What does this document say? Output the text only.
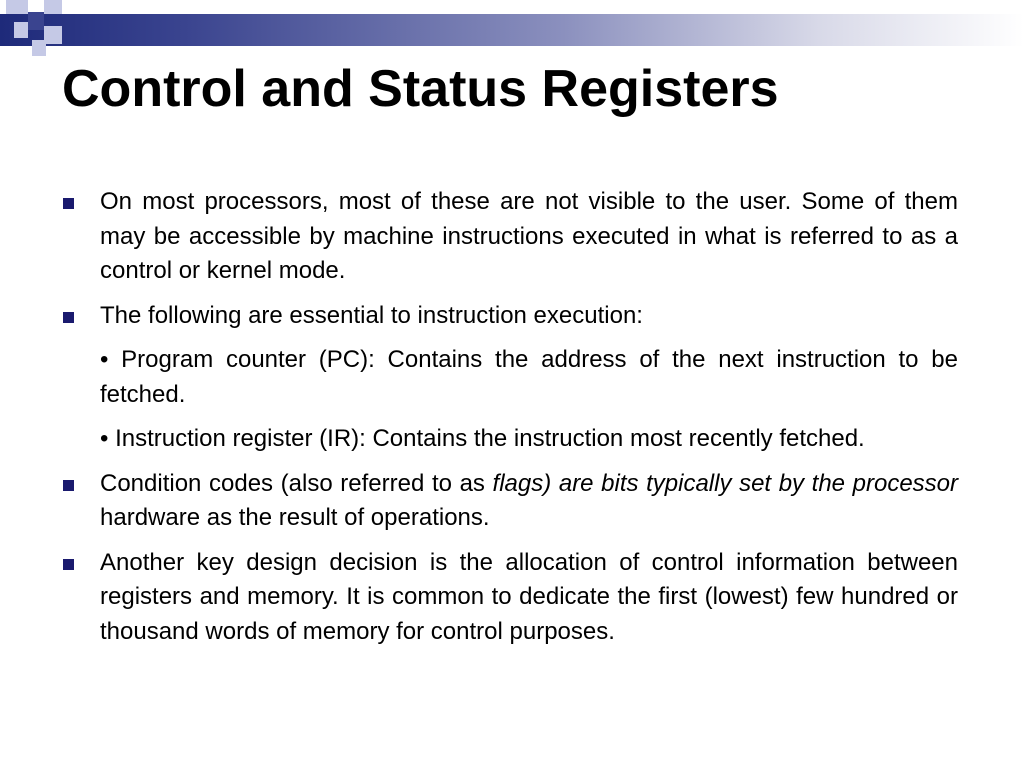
Control and Status Registers
On most processors, most of these are not visible to the user. Some of them may be accessible by machine instructions executed in what is referred to as a control or kernel mode.
The following are essential to instruction execution:
• Program counter (PC): Contains the address of the next instruction to be fetched.
• Instruction register (IR): Contains the instruction most recently fetched.
Condition codes (also referred to as flags) are bits typically set by the processor hardware as the result of operations.
Another key design decision is the allocation of control information between registers and memory. It is common to dedicate the first (lowest) few hundred or thousand words of memory for control purposes.
